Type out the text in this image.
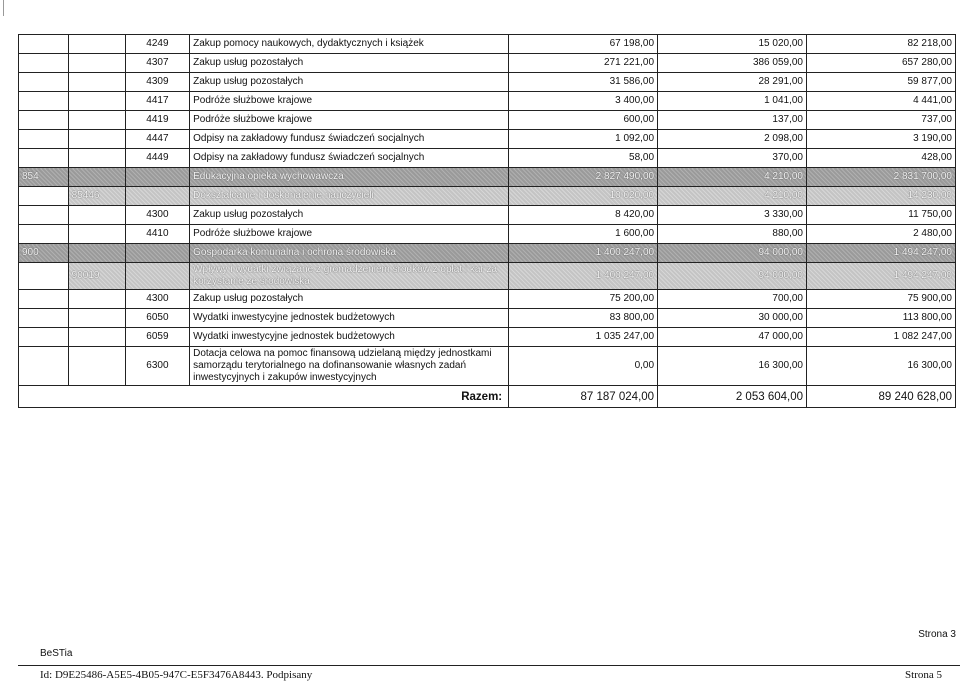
		4249	Zakup pomocy naukowych, dydaktycznych i książek	67 198,00	15 020,00	82 218,00
		4307	Zakup usług pozostałych	271 221,00	386 059,00	657 280,00
		4309	Zakup usług pozostałych	31 586,00	28 291,00	59 877,00
		4417	Podróże służbowe krajowe	3 400,00	1 041,00	4 441,00
		4419	Podróże służbowe krajowe	600,00	137,00	737,00
		4447	Odpisy na zakładowy fundusz świadczeń socjalnych	1 092,00	2 098,00	3 190,00
		4449	Odpisy na zakładowy fundusz świadczeń socjalnych	58,00	370,00	428,00
854			Edukacyjna opieka wychowawcza	2 827 490,00	4 210,00	2 831 700,00
	85446		Dokształcanie i doskonalenie nauczycieli	10 020,00	4 210,00	14 230,00
		4300	Zakup usług pozostałych	8 420,00	3 330,00	11 750,00
		4410	Podróże służbowe krajowe	1 600,00	880,00	2 480,00
900			Gospodarka komunalna i ochrona środowiska	1 400 247,00	94 000,00	1 494 247,00
	90019		Wpływy i wydatki związane z gromadzeniem środków z opłat i kar za korzystanie ze środowiska	1 400 247,00	94 000,00	1 494 247,00
		4300	Zakup usług pozostałych	75 200,00	700,00	75 900,00
		6050	Wydatki inwestycyjne jednostek budżetowych	83 800,00	30 000,00	113 800,00
		6059	Wydatki inwestycyjne jednostek budżetowych	1 035 247,00	47 000,00	1 082 247,00
		6300	Dotacja celowa na pomoc finansową udzielaną między jednostkami samorządu terytorialnego na dofinansowanie własnych zadań inwestycyjnych i zakupów inwestycyjnych	0,00	16 300,00	16 300,00
Razem:				87 187 024,00	2 053 604,00	89 240 628,00
Strona 3
BeSTia
Id: D9E25486-A5E5-4B05-947C-E5F3476A8443. Podpisany	Strona 5
